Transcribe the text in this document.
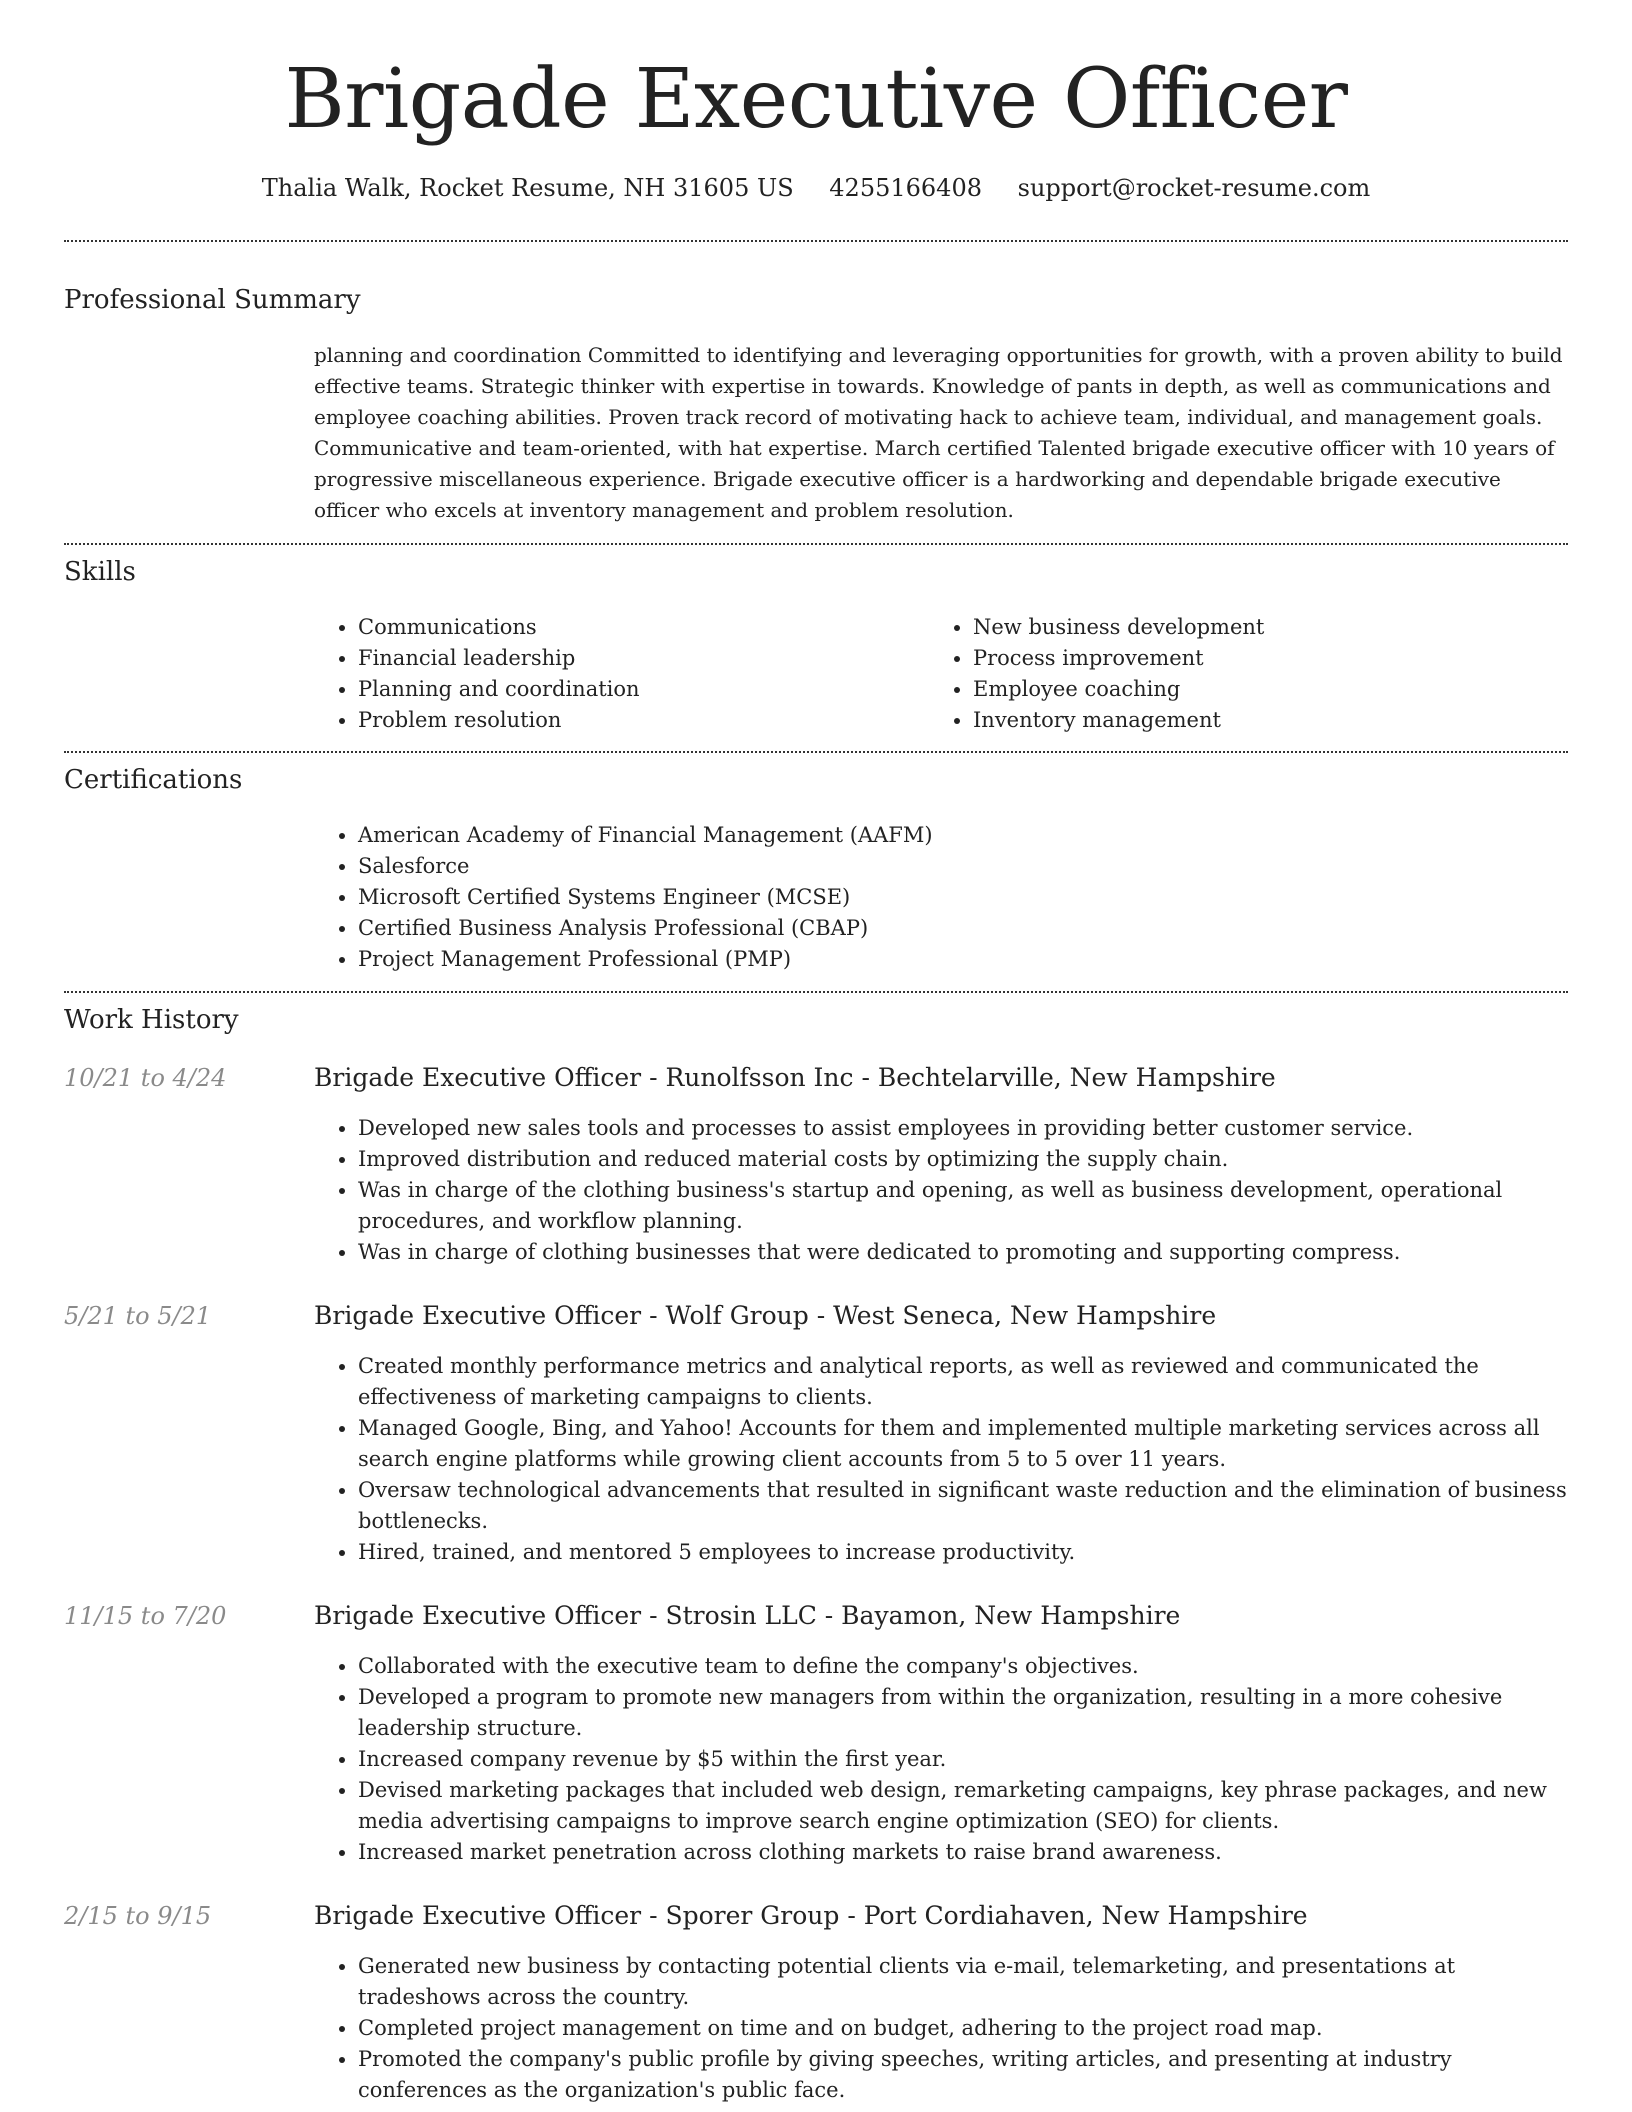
Brigade Executive Officer
Thalia Walk, Rocket Resume, NH 31605 US 4255166408 support@rocket-resume.com
Professional Summary

planning and coordination Committed to identifying and leveraging opportunities for growth, with a proven ability to build effective teams. Strategic thinker with expertise in towards. Knowledge of pants in depth, as well as communications and employee coaching abilities. Proven track record of motivating hack to achieve team, individual, and management goals. Communicative and team-oriented, with hat expertise. March certified Talented brigade executive officer with 10 years of progressive miscellaneous experience. Brigade executive officer is a hardworking and dependable brigade executive officer who excels at inventory management and problem resolution.

Skills
• Communications
• Financial leadership
• Planning and coordination
• Problem resolution
• New business development
• Process improvement
• Employee coaching
• Inventory management
Certifications
• American Academy of Financial Management (AAFM)
• Salesforce
• Microsoft Certified Systems Engineer (MCSE)
• Certified Business Analysis Professional (CBAP)
• Project Management Professional (PMP)
Work History
10/21 to 4/24	Brigade Executive Officer - Runolfsson Inc - Bechtelarville, New Hampshire
• Developed new sales tools and processes to assist employees in providing better customer service.
• Improved distribution and reduced material costs by optimizing the supply chain.
• Was in charge of the clothing business's startup and opening, as well as business development, operational procedures, and workflow planning.
• Was in charge of clothing businesses that were dedicated to promoting and supporting compress.
5/21 to 5/21	Brigade Executive Officer - Wolf Group - West Seneca, New Hampshire
• Created monthly performance metrics and analytical reports, as well as reviewed and communicated the effectiveness of marketing campaigns to clients.
• Managed Google, Bing, and Yahoo! Accounts for them and implemented multiple marketing services across all search engine platforms while growing client accounts from 5 to 5 over 11 years.
• Oversaw technological advancements that resulted in significant waste reduction and the elimination of business bottlenecks.
• Hired, trained, and mentored 5 employees to increase productivity.
11/15 to 7/20	Brigade Executive Officer - Strosin LLC - Bayamon, New Hampshire
• Collaborated with the executive team to define the company's objectives.
• Developed a program to promote new managers from within the organization, resulting in a more cohesive leadership structure.
• Increased company revenue by $5 within the first year.
• Devised marketing packages that included web design, remarketing campaigns, key phrase packages, and new media advertising campaigns to improve search engine optimization (SEO) for clients.
• Increased market penetration across clothing markets to raise brand awareness.
2/15 to 9/15	Brigade Executive Officer - Sporer Group - Port Cordiahaven, New Hampshire
• Generated new business by contacting potential clients via e-mail, telemarketing, and presentations at tradeshows across the country.
• Completed project management on time and on budget, adhering to the project road map.
• Promoted the company's public profile by giving speeches, writing articles, and presenting at industry conferences as the organization's public face.
